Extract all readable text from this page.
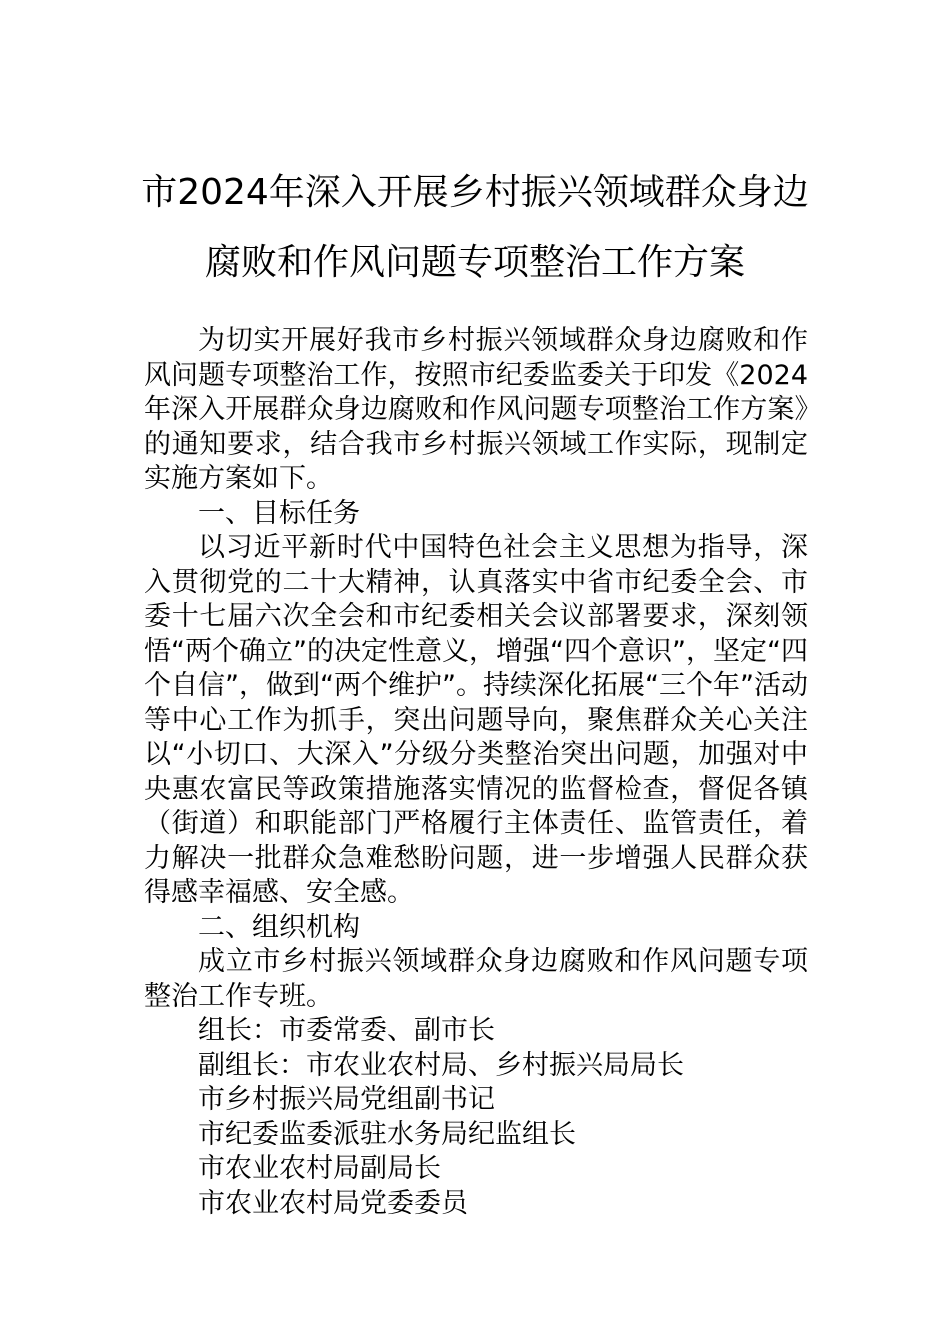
市2024年深入开展乡村振兴领域群众身边
腐败和作风问题专项整治工作方案

为切实开展好我市乡村振兴领域群众身边腐败和作风问题专项整治工作，按照市纪委监委关于印发《2024年深入开展群众身边腐败和作风问题专项整治工作方案》的通知要求，结合我市乡村振兴领域工作实际，现制定实施方案如下。

一、目标任务

以习近平新时代中国特色社会主义思想为指导，深入贯彻党的二十大精神，认真落实中省市纪委全会、市委十七届六次全会和市纪委相关会议部署要求，深刻领悟“两个确立”的决定性意义，增强“四个意识”，坚定“四个自信”，做到“两个维护”。持续深化拓展“三个年”活动等中心工作为抓手，突出问题导向，聚焦群众关心关注以“小切口、大深入”分级分类整治突出问题，加强对中央惠农富民等政策措施落实情况的监督检查，督促各镇（街道）和职能部门严格履行主体责任、监管责任，着力解决一批群众急难愁盼问题，进一步增强人民群众获得感幸福感、安全感。

二、组织机构

成立市乡村振兴领域群众身边腐败和作风问题专项整治工作专班。

组长：市委常委、副市长

副组长：市农业农村局、乡村振兴局局长

市乡村振兴局党组副书记

市纪委监委派驻水务局纪监组长

市农业农村局副局长

市农业农村局党委委员
